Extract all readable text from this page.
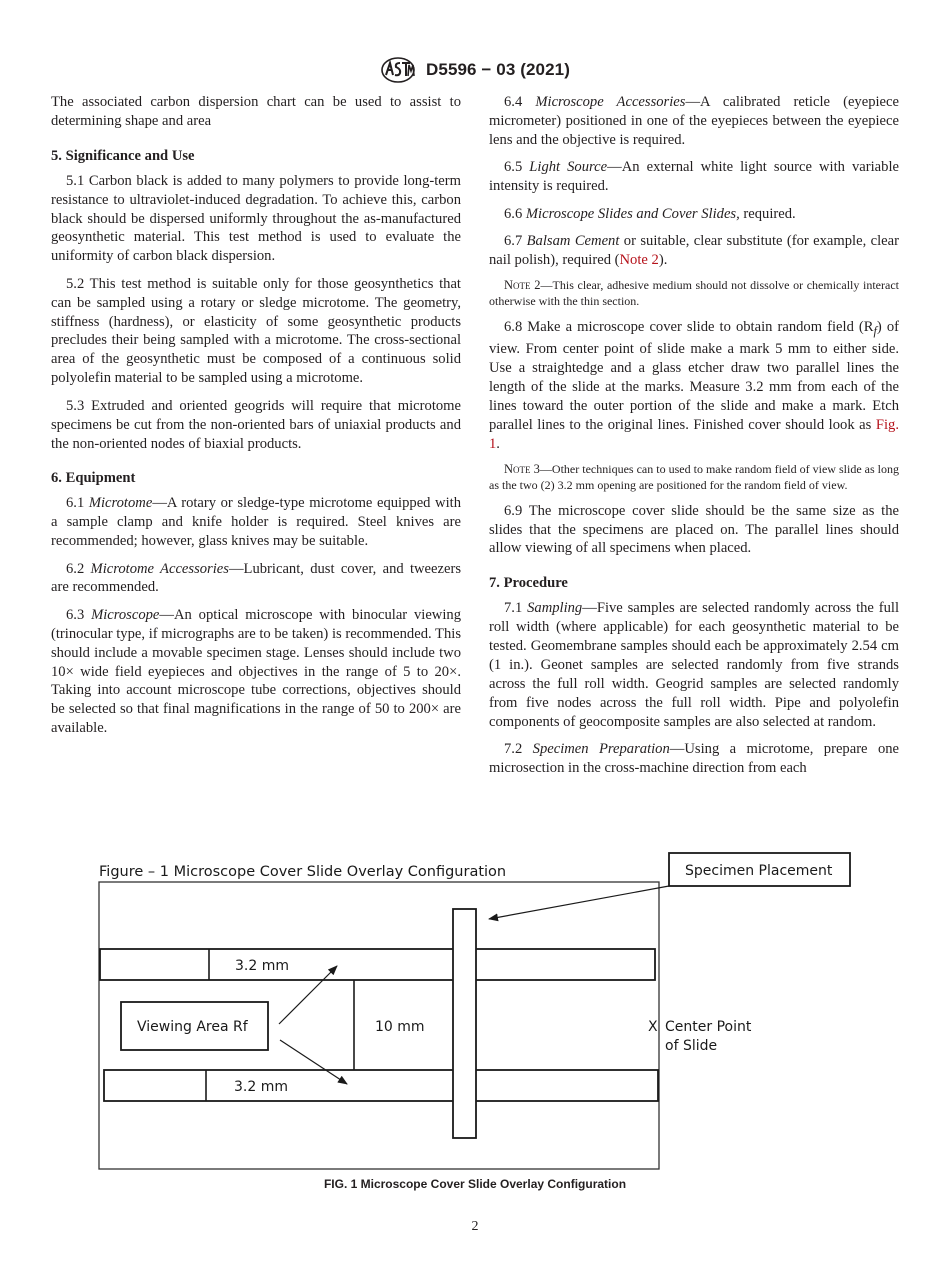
D5596 − 03 (2021)

The associated carbon dispersion chart can be used to assist to determining shape and area

5. Significance and Use

5.1 Carbon black is added to many polymers to provide long-term resistance to ultraviolet-induced degradation. To achieve this, carbon black should be dispersed uniformly throughout the as-manufactured geosynthetic material. This test method is used to evaluate the uniformity of carbon black dispersion.

5.2 This test method is suitable only for those geosynthetics that can be sampled using a rotary or sledge microtome. The geometry, stiffness (hardness), or elasticity of some geosynthetic products precludes their being sampled with a microtome. The cross-sectional area of the geosynthetic must be composed of a continuous solid polyolefin material to be sampled using a microtome.

5.3 Extruded and oriented geogrids will require that microtome specimens be cut from the non-oriented bars of uniaxial products and the non-oriented nodes of biaxial products.

6. Equipment

6.1 Microtome—A rotary or sledge-type microtome equipped with a sample clamp and knife holder is required. Steel knives are recommended; however, glass knives may be suitable.

6.2 Microtome Accessories—Lubricant, dust cover, and tweezers are recommended.

6.3 Microscope—An optical microscope with binocular viewing (trinocular type, if micrographs are to be taken) is recommended. This should include a movable specimen stage. Lenses should include two 10× wide field eyepieces and objectives in the range of 5 to 20×. Taking into account microscope tube corrections, objectives should be selected so that final magnifications in the range of 50 to 200× are available.

6.4 Microscope Accessories—A calibrated reticle (eyepiece micrometer) positioned in one of the eyepieces between the eyepiece lens and the objective is required.

6.5 Light Source—An external white light source with variable intensity is required.

6.6 Microscope Slides and Cover Slides, required.

6.7 Balsam Cement or suitable, clear substitute (for example, clear nail polish), required (Note 2).

Note 2—This clear, adhesive medium should not dissolve or chemically interact otherwise with the thin section.

6.8 Make a microscope cover slide to obtain random field $(R_f)$ of view. From center point of slide make a mark 5 mm to either side. Use a straightedge and a glass etcher draw two parallel lines the length of the slide at the marks. Measure 3.2 mm from each of the lines toward the outer portion of the slide and make a mark. Etch parallel lines to the original lines. Finished cover should look as Fig. 1.

Note 3—Other techniques can to used to make random field of view slide as long as the two (2) 3.2 mm opening are positioned for the random field of view.

6.9 The microscope cover slide should be the same size as the slides that the specimens are placed on. The parallel lines should allow viewing of all specimens when placed.

7. Procedure

7.1 Sampling—Five samples are selected randomly across the full roll width (where applicable) for each geosynthetic material to be tested. Geomembrane samples should each be approximately 2.54 cm (1 in.). Geonet samples are selected randomly from five strands across the full roll width. Geogrid samples are selected randomly from five nodes across the full roll width. Pipe and polyolefin components of geocomposite samples are also selected at random.

7.2 Specimen Preparation—Using a microtome, prepare one microsection in the cross-machine direction from each

Figure – 1 Microscope Cover Slide Overlay Configuration
3.2 mm
10 mm
3.2 mm
Viewing Area Rf
Specimen Placement
X Center Point
of Slide
FIG. 1 Microscope Cover Slide Overlay Configuration
2
